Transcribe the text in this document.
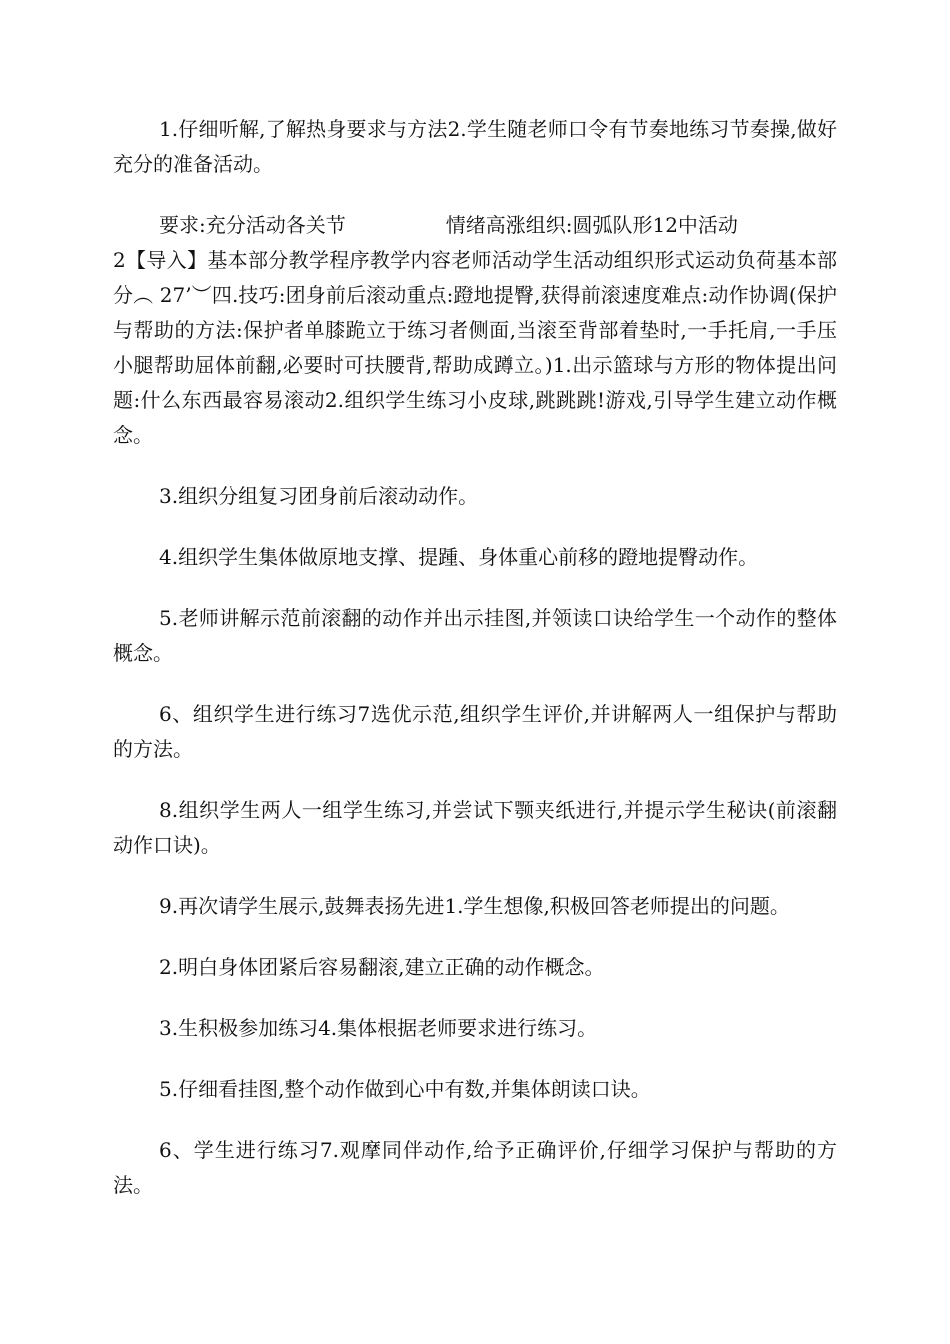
1.仔细听解,了解热身要求与方法2.学生随老师口令有节奏地练习节奏操,做好充分的准备活动。

要求:充分活动各关节	情绪高涨组织:圆弧队形12中活动

2【导入】基本部分教学程序教学内容老师活动学生活动组织形式运动负荷基本部分︵ 27’︶四.技巧:团身前后滚动重点:蹬地提臀,获得前滚速度难点:动作协调(保护与帮助的方法:保护者单膝跪立于练习者侧面,当滚至背部着垫时,一手托肩,一手压小腿帮助屈体前翻,必要时可扶腰背,帮助成蹲立。)1.出示篮球与方形的物体提出问题:什么东西最容易滚动2.组织学生练习小皮球,跳跳跳!游戏,引导学生建立动作概念。

3.组织分组复习团身前后滚动动作。

4.组织学生集体做原地支撑、提踵、身体重心前移的蹬地提臀动作。

5.老师讲解示范前滚翻的动作并出示挂图,并领读口诀给学生一个动作的整体概念。

6、组织学生进行练习7选优示范,组织学生评价,并讲解两人一组保护与帮助的方法。

8.组织学生两人一组学生练习,并尝试下颚夹纸进行,并提示学生秘诀(前滚翻动作口诀)。

9.再次请学生展示,鼓舞表扬先进1.学生想像,积极回答老师提出的问题。

2.明白身体团紧后容易翻滚,建立正确的动作概念。

3.生积极参加练习4.集体根据老师要求进行练习。

5.仔细看挂图,整个动作做到心中有数,并集体朗读口诀。

6、学生进行练习7.观摩同伴动作,给予正确评价,仔细学习保护与帮助的方法。
